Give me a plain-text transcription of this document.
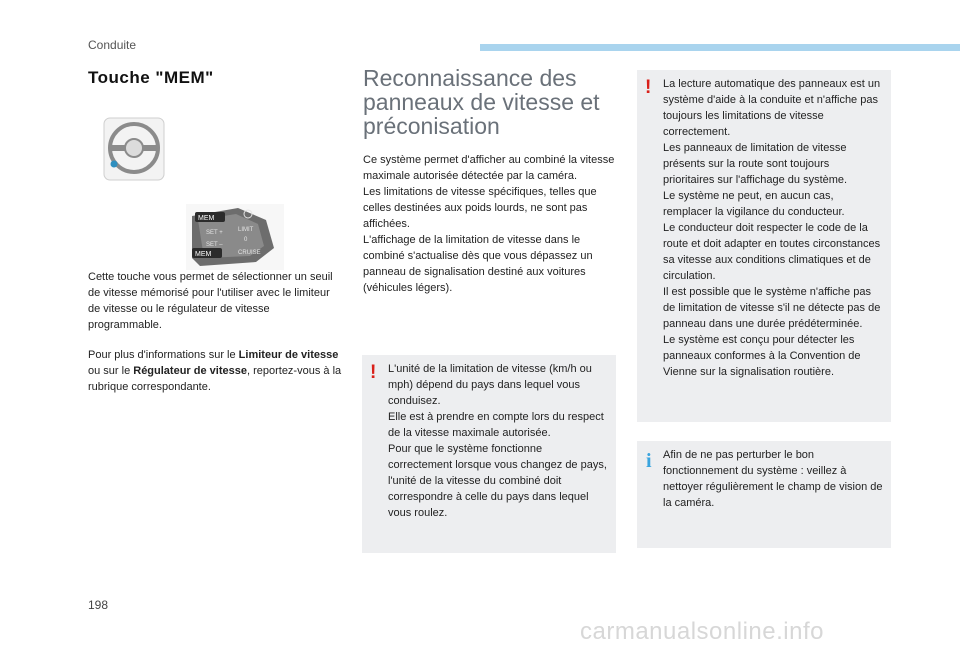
Conduite
Touche "MEM"
MEM
MEM
SET +
SET –
LIMIT
0
CRUISE

Cette touche vous permet de sélectionner un seuil de vitesse mémorisé pour l'utiliser avec le limiteur de vitesse ou le régulateur de vitesse programmable.

Pour plus d'informations sur le Limiteur de vitesse ou sur le Régulateur de vitesse, reportez-vous à la rubrique correspondante.

Reconnaissance des panneaux de vitesse et préconisation
Ce système permet d'afficher au combiné la vitesse maximale autorisée détectée par la caméra.
Les limitations de vitesse spécifiques, telles que celles destinées aux poids lourds, ne sont pas affichées.
L'affichage de la limitation de vitesse dans le combiné s'actualise dès que vous dépassez un panneau de signalisation destiné aux voitures (véhicules légers).
! L'unité de la limitation de vitesse (km/h ou mph) dépend du pays dans lequel vous conduisez.
Elle est à prendre en compte lors du respect de la vitesse maximale autorisée.
Pour que le système fonctionne correctement lorsque vous changez de pays, l'unité de la vitesse du combiné doit correspondre à celle du pays dans lequel vous roulez.
! La lecture automatique des panneaux est un système d'aide à la conduite et n'affiche pas toujours les limitations de vitesse correctement.
Les panneaux de limitation de vitesse présents sur la route sont toujours prioritaires sur l'affichage du système.
Le système ne peut, en aucun cas, remplacer la vigilance du conducteur.
Le conducteur doit respecter le code de la route et doit adapter en toutes circonstances sa vitesse aux conditions climatiques et de circulation.
Il est possible que le système n'affiche pas de limitation de vitesse s'il ne détecte pas de panneau dans une durée prédéterminée.
Le système est conçu pour détecter les panneaux conformes à la Convention de Vienne sur la signalisation routière.
i Afin de ne pas perturber le bon fonctionnement du système : veillez à nettoyer régulièrement le champ de vision de la caméra.
198
carmanualsonline.info
